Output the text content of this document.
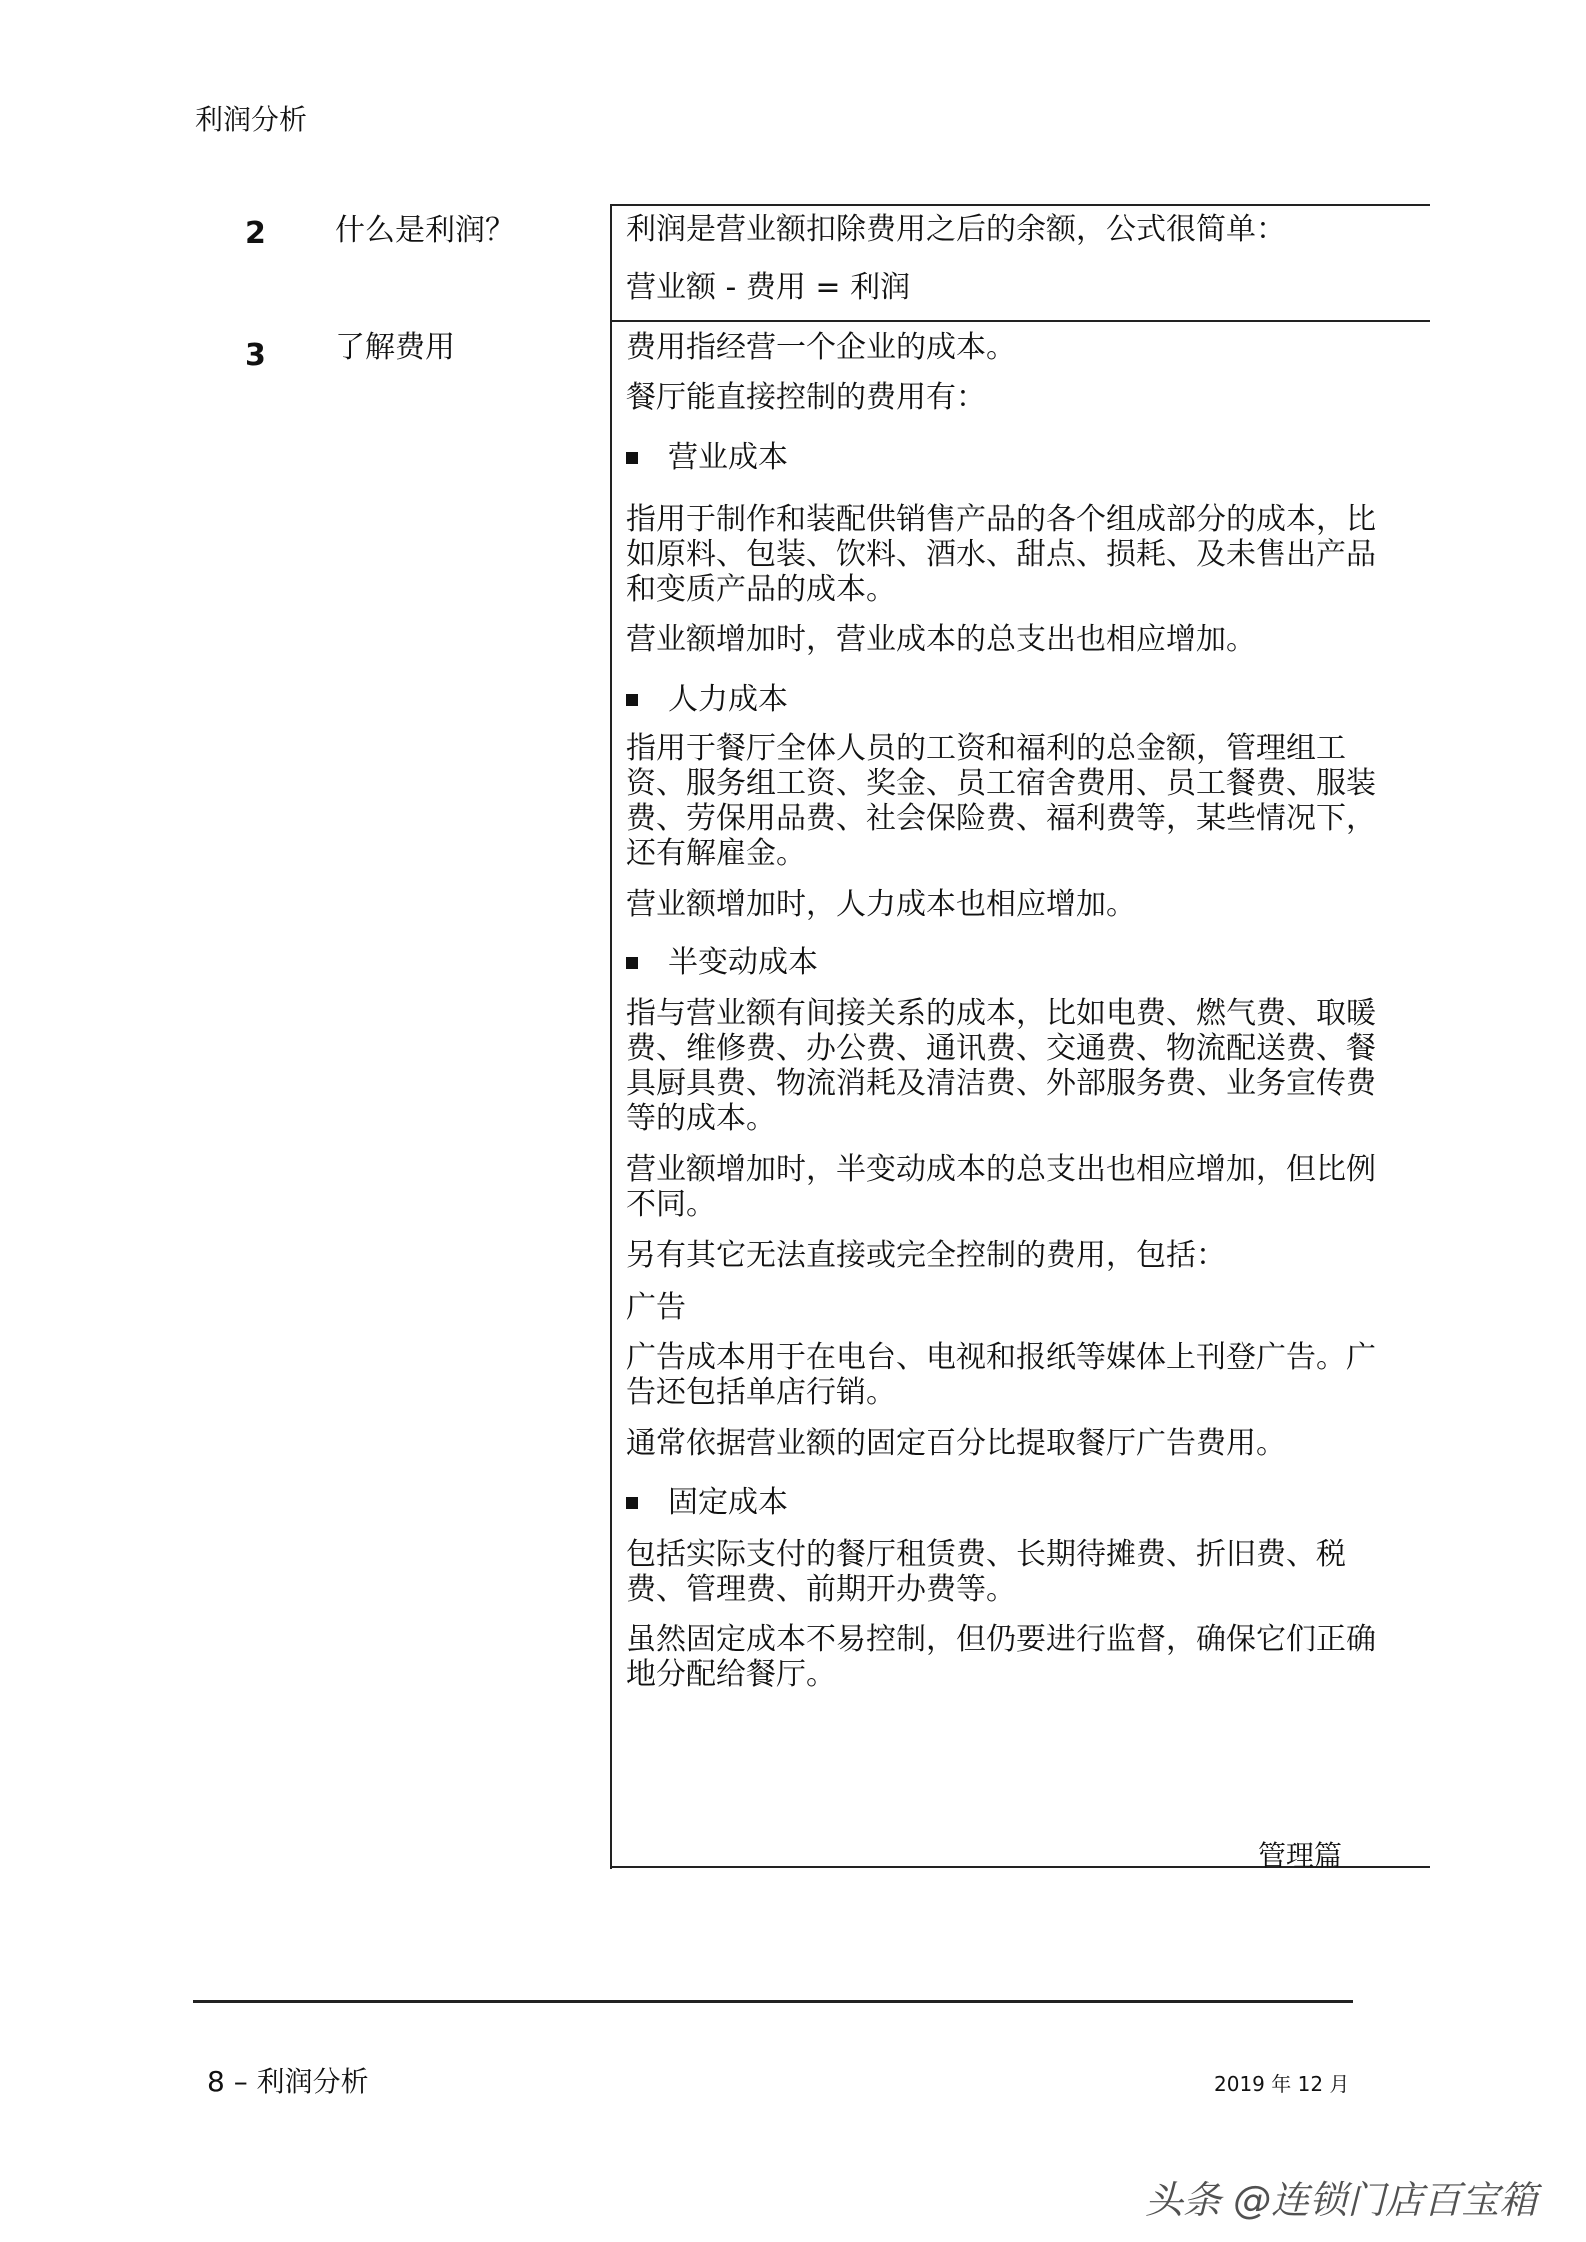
利润分析
2 什么是利润？
3 了解费用
利润是营业额扣除费用之后的余额，公式很简单：
营业额 - 费用 = 利润
费用指经营一个企业的成本。
餐厅能直接控制的费用有：
营业成本
指用于制作和装配供销售产品的各个组成部分的成本，比如原料、包装、饮料、酒水、甜点、损耗、及未售出产品和变质产品的成本。
营业额增加时，营业成本的总支出也相应增加。
人力成本
指用于餐厅全体人员的工资和福利的总金额，管理组工资、服务组工资、奖金、员工宿舍费用、员工餐费、服装费、劳保用品费、社会保险费、福利费等，某些情况下，还有解雇金。
营业额增加时，人力成本也相应增加。
半变动成本
指与营业额有间接关系的成本，比如电费、燃气费、取暖费、维修费、办公费、通讯费、交通费、物流配送费、餐具厨具费、物流消耗及清洁费、外部服务费、业务宣传费等的成本。
营业额增加时，半变动成本的总支出也相应增加，但比例不同。
另有其它无法直接或完全控制的费用，包括：
广告
广告成本用于在电台、电视和报纸等媒体上刊登广告。广告还包括单店行销。
通常依据营业额的固定百分比提取餐厅广告费用。
固定成本
包括实际支付的餐厅租赁费、长期待摊费、折旧费、税费、管理费、前期开办费等。
虽然固定成本不易控制，但仍要进行监督，确保它们正确地分配给餐厅。
管理篇
8 – 利润分析	2019 年 12 月
头条 @连锁门店百宝箱
